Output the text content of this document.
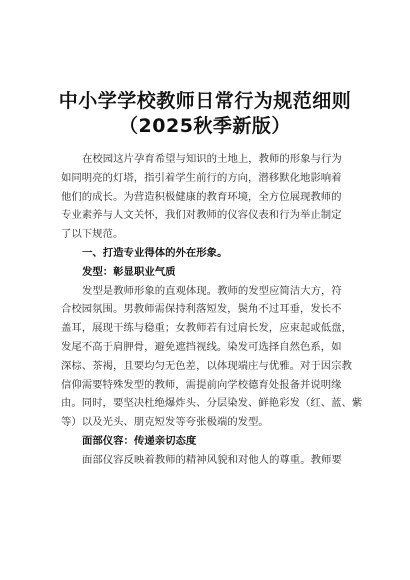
中小学学校教师日常行为规范细则
（2025秋季新版）
在校园这片孕育希望与知识的土地上，教师的形象与行为
如同明亮的灯塔，指引着学生前行的方向，潜移默化地影响着
他们的成长。为营造积极健康的教育环境，全方位展现教师的
专业素养与人文关怀，我们对教师的仪容仪表和行为举止制定
了以下规范。
一、打造专业得体的外在形象。
发型：彰显职业气质
发型是教师形象的直观体现。教师的发型应简洁大方，符
合校园氛围。男教师需保持利落短发，鬓角不过耳垂，发长不
盖耳，展现干练与稳重；女教师若有过肩长发，应束起或低盘，
发尾不高于肩胛骨，避免遮挡视线。染发可选择自然色系，如
深棕、茶褐，且要均匀无色差，以体现端庄与优雅。对于因宗教
信仰需要特殊发型的教师，需提前向学校德育处报备并说明缘
由。同时，要坚决杜绝爆炸头、分层染发、鲜艳彩发（红、蓝、紫
等）以及光头、朋克短发等夸张极端的发型。
面部仪容：传递亲切态度
面部仪容反映着教师的精神风貌和对他人的尊重。教师要
